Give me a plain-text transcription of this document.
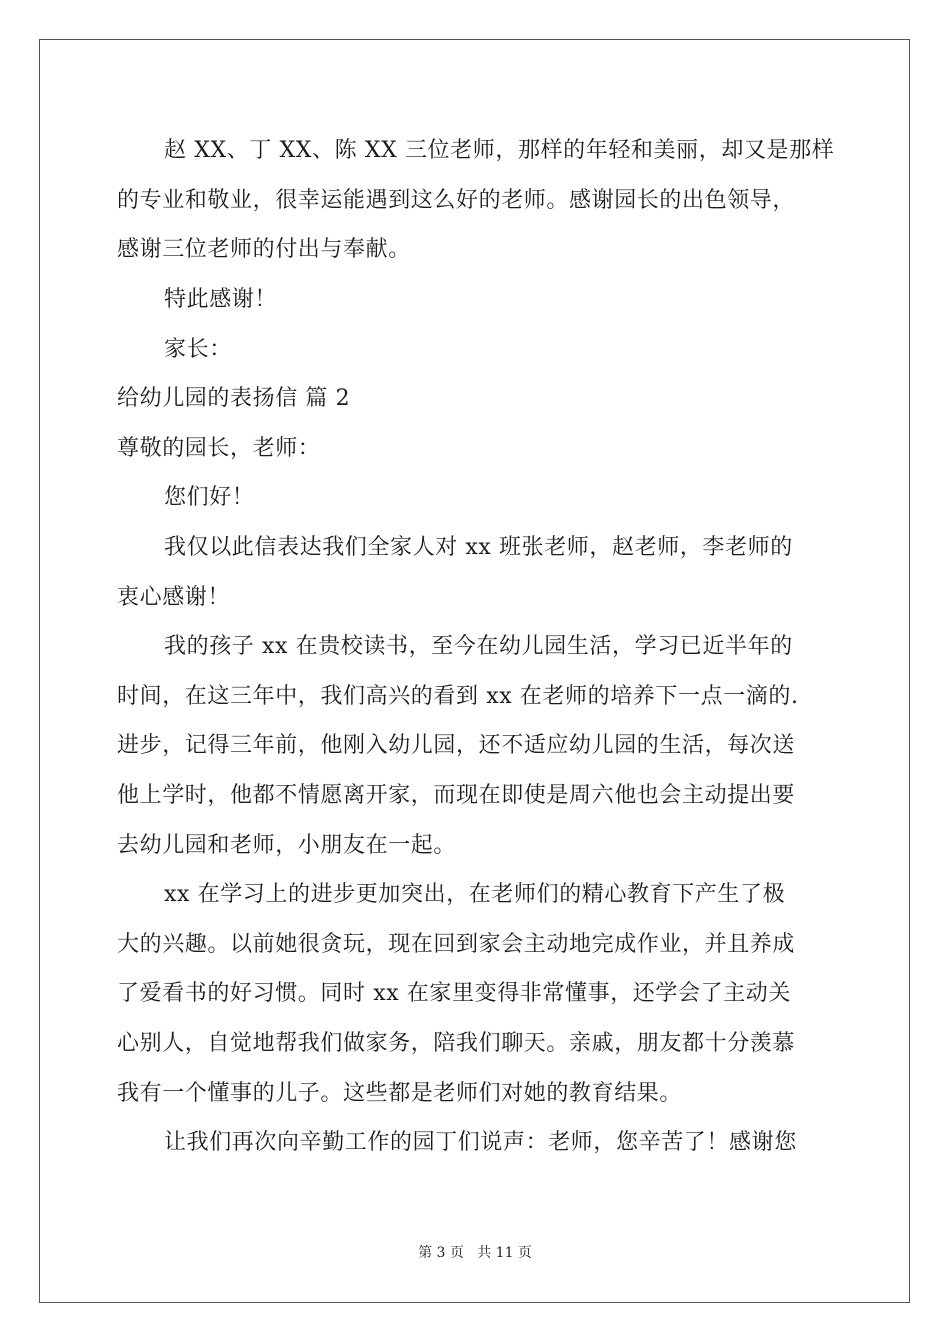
赵 XX、丁 XX、陈 XX 三位老师，那样的年轻和美丽，却又是那样
的专业和敬业，很幸运能遇到这么好的老师。感谢园长的出色领导，
感谢三位老师的付出与奉献。
特此感谢！
家长：
给幼儿园的表扬信 篇 2
尊敬的园长，老师：
您们好！
我仅以此信表达我们全家人对 xx 班张老师，赵老师，李老师的
衷心感谢！
我的孩子 xx 在贵校读书，至今在幼儿园生活，学习已近半年的
时间，在这三年中，我们高兴的看到 xx 在老师的培养下一点一滴的.
进步，记得三年前，他刚入幼儿园，还不适应幼儿园的生活，每次送
他上学时，他都不情愿离开家，而现在即使是周六他也会主动提出要
去幼儿园和老师，小朋友在一起。
xx 在学习上的进步更加突出，在老师们的精心教育下产生了极
大的兴趣。以前她很贪玩，现在回到家会主动地完成作业，并且养成
了爱看书的好习惯。同时 xx 在家里变得非常懂事，还学会了主动关
心别人，自觉地帮我们做家务，陪我们聊天。亲戚，朋友都十分羡慕
我有一个懂事的儿子。这些都是老师们对她的教育结果。
让我们再次向辛勤工作的园丁们说声：老师，您辛苦了！感谢您
第 3 页   共 11 页
